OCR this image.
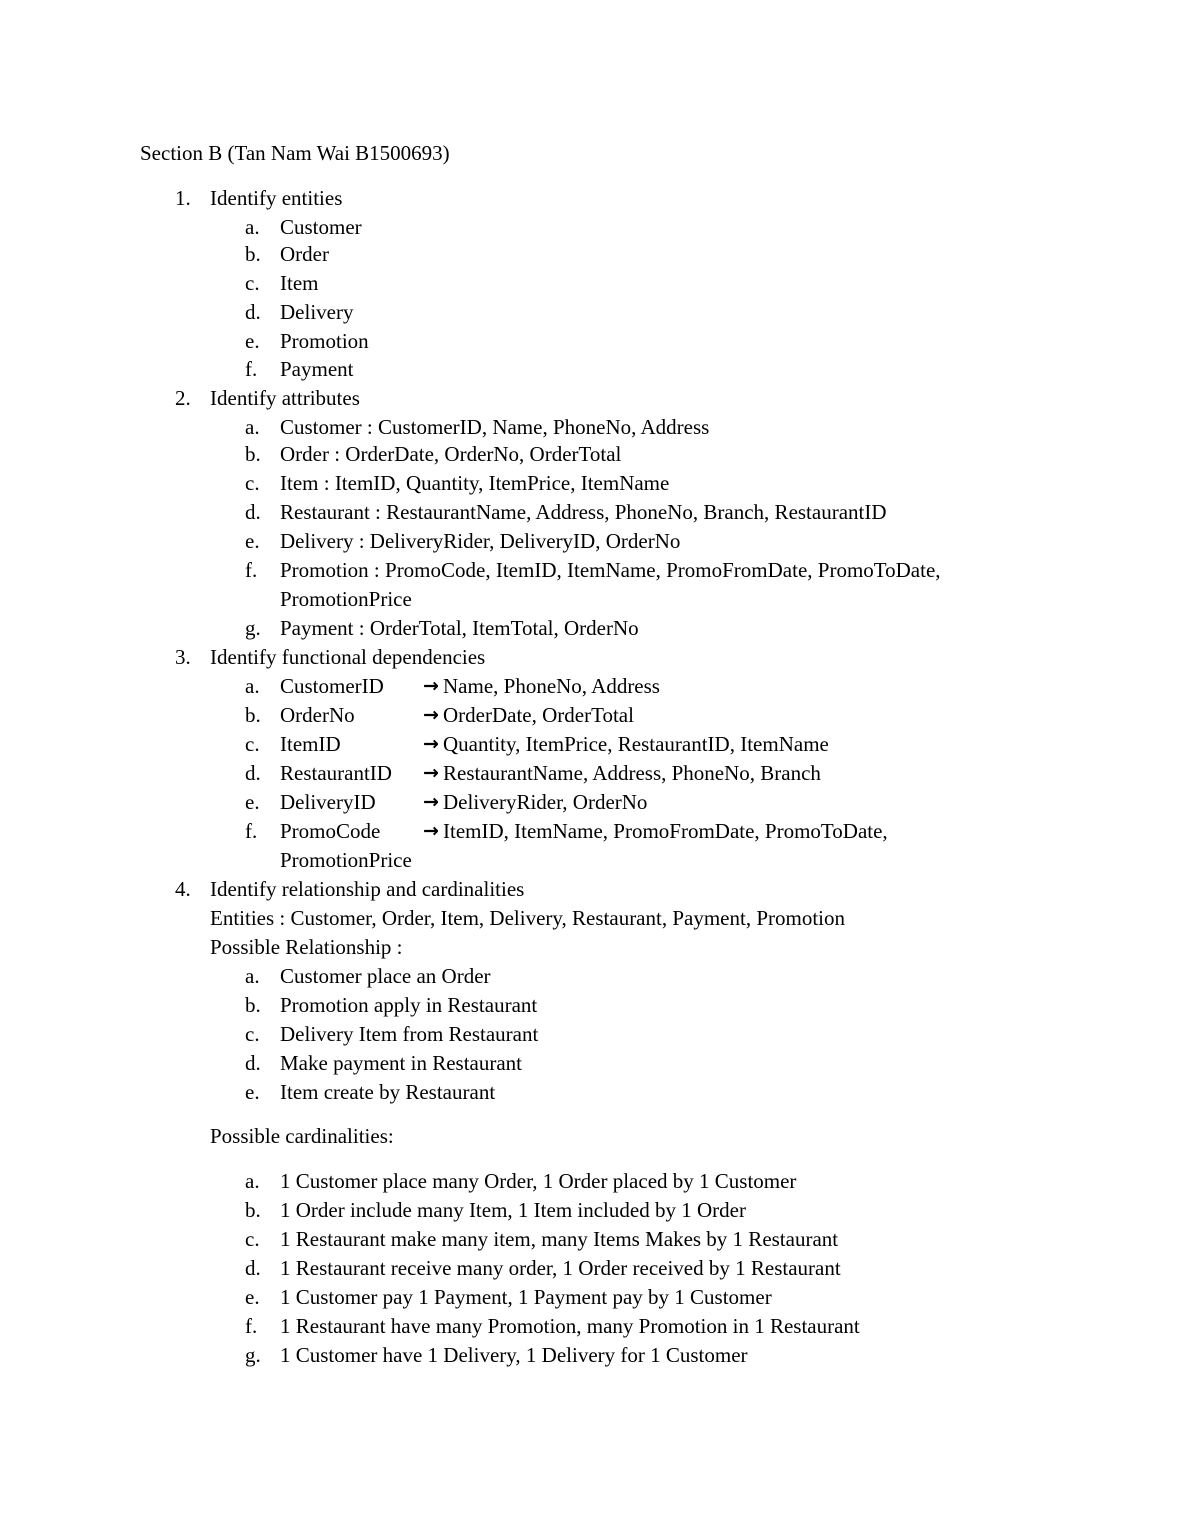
Section B (Tan Nam Wai B1500693)
1. Identify entities
a. Customer
b. Order
c. Item
d. Delivery
e. Promotion
f. Payment
2. Identify attributes
a. Customer : CustomerID, Name, PhoneNo, Address
b. Order : OrderDate, OrderNo, OrderTotal
c. Item : ItemID, Quantity, ItemPrice, ItemName
d. Restaurant : RestaurantName, Address, PhoneNo, Branch, RestaurantID
e. Delivery : DeliveryRider, DeliveryID, OrderNo
f. Promotion : PromoCode, ItemID, ItemName, PromoFromDate, PromoToDate,
g. Payment : OrderTotal, ItemTotal, OrderNo
PromotionPrice
3. Identify functional dependencies
a. CustomerID → Name, PhoneNo, Address
b. OrderNo	→ OrderDate, OrderTotal
c. ItemID	→ Quantity, ItemPrice, RestaurantID, ItemName
d. RestaurantID → RestaurantName, Address, PhoneNo, Branch
e. DeliveryID → DeliveryRider, OrderNo
f. PromoCode → ItemID, ItemName, PromoFromDate, PromoToDate,
PromotionPrice
4. Identify relationship and cardinalities
Entities : Customer, Order, Item, Delivery, Restaurant, Payment, Promotion
Possible Relationship :
a. Customer place an Order
b. Promotion apply in Restaurant
c. Delivery Item from Restaurant
d. Make payment in Restaurant
e. Item create by Restaurant
Possible cardinalities:
a. 1 Customer place many Order, 1 Order placed by 1 Customer
b. 1 Order include many Item, 1 Item included by 1 Order
c. 1 Restaurant make many item, many Items Makes by 1 Restaurant
d. 1 Restaurant receive many order, 1 Order received by 1 Restaurant
e. 1 Customer pay 1 Payment, 1 Payment pay by 1 Customer
f. 1 Restaurant have many Promotion, many Promotion in 1 Restaurant
g. 1 Customer have 1 Delivery, 1 Delivery for 1 Customer
